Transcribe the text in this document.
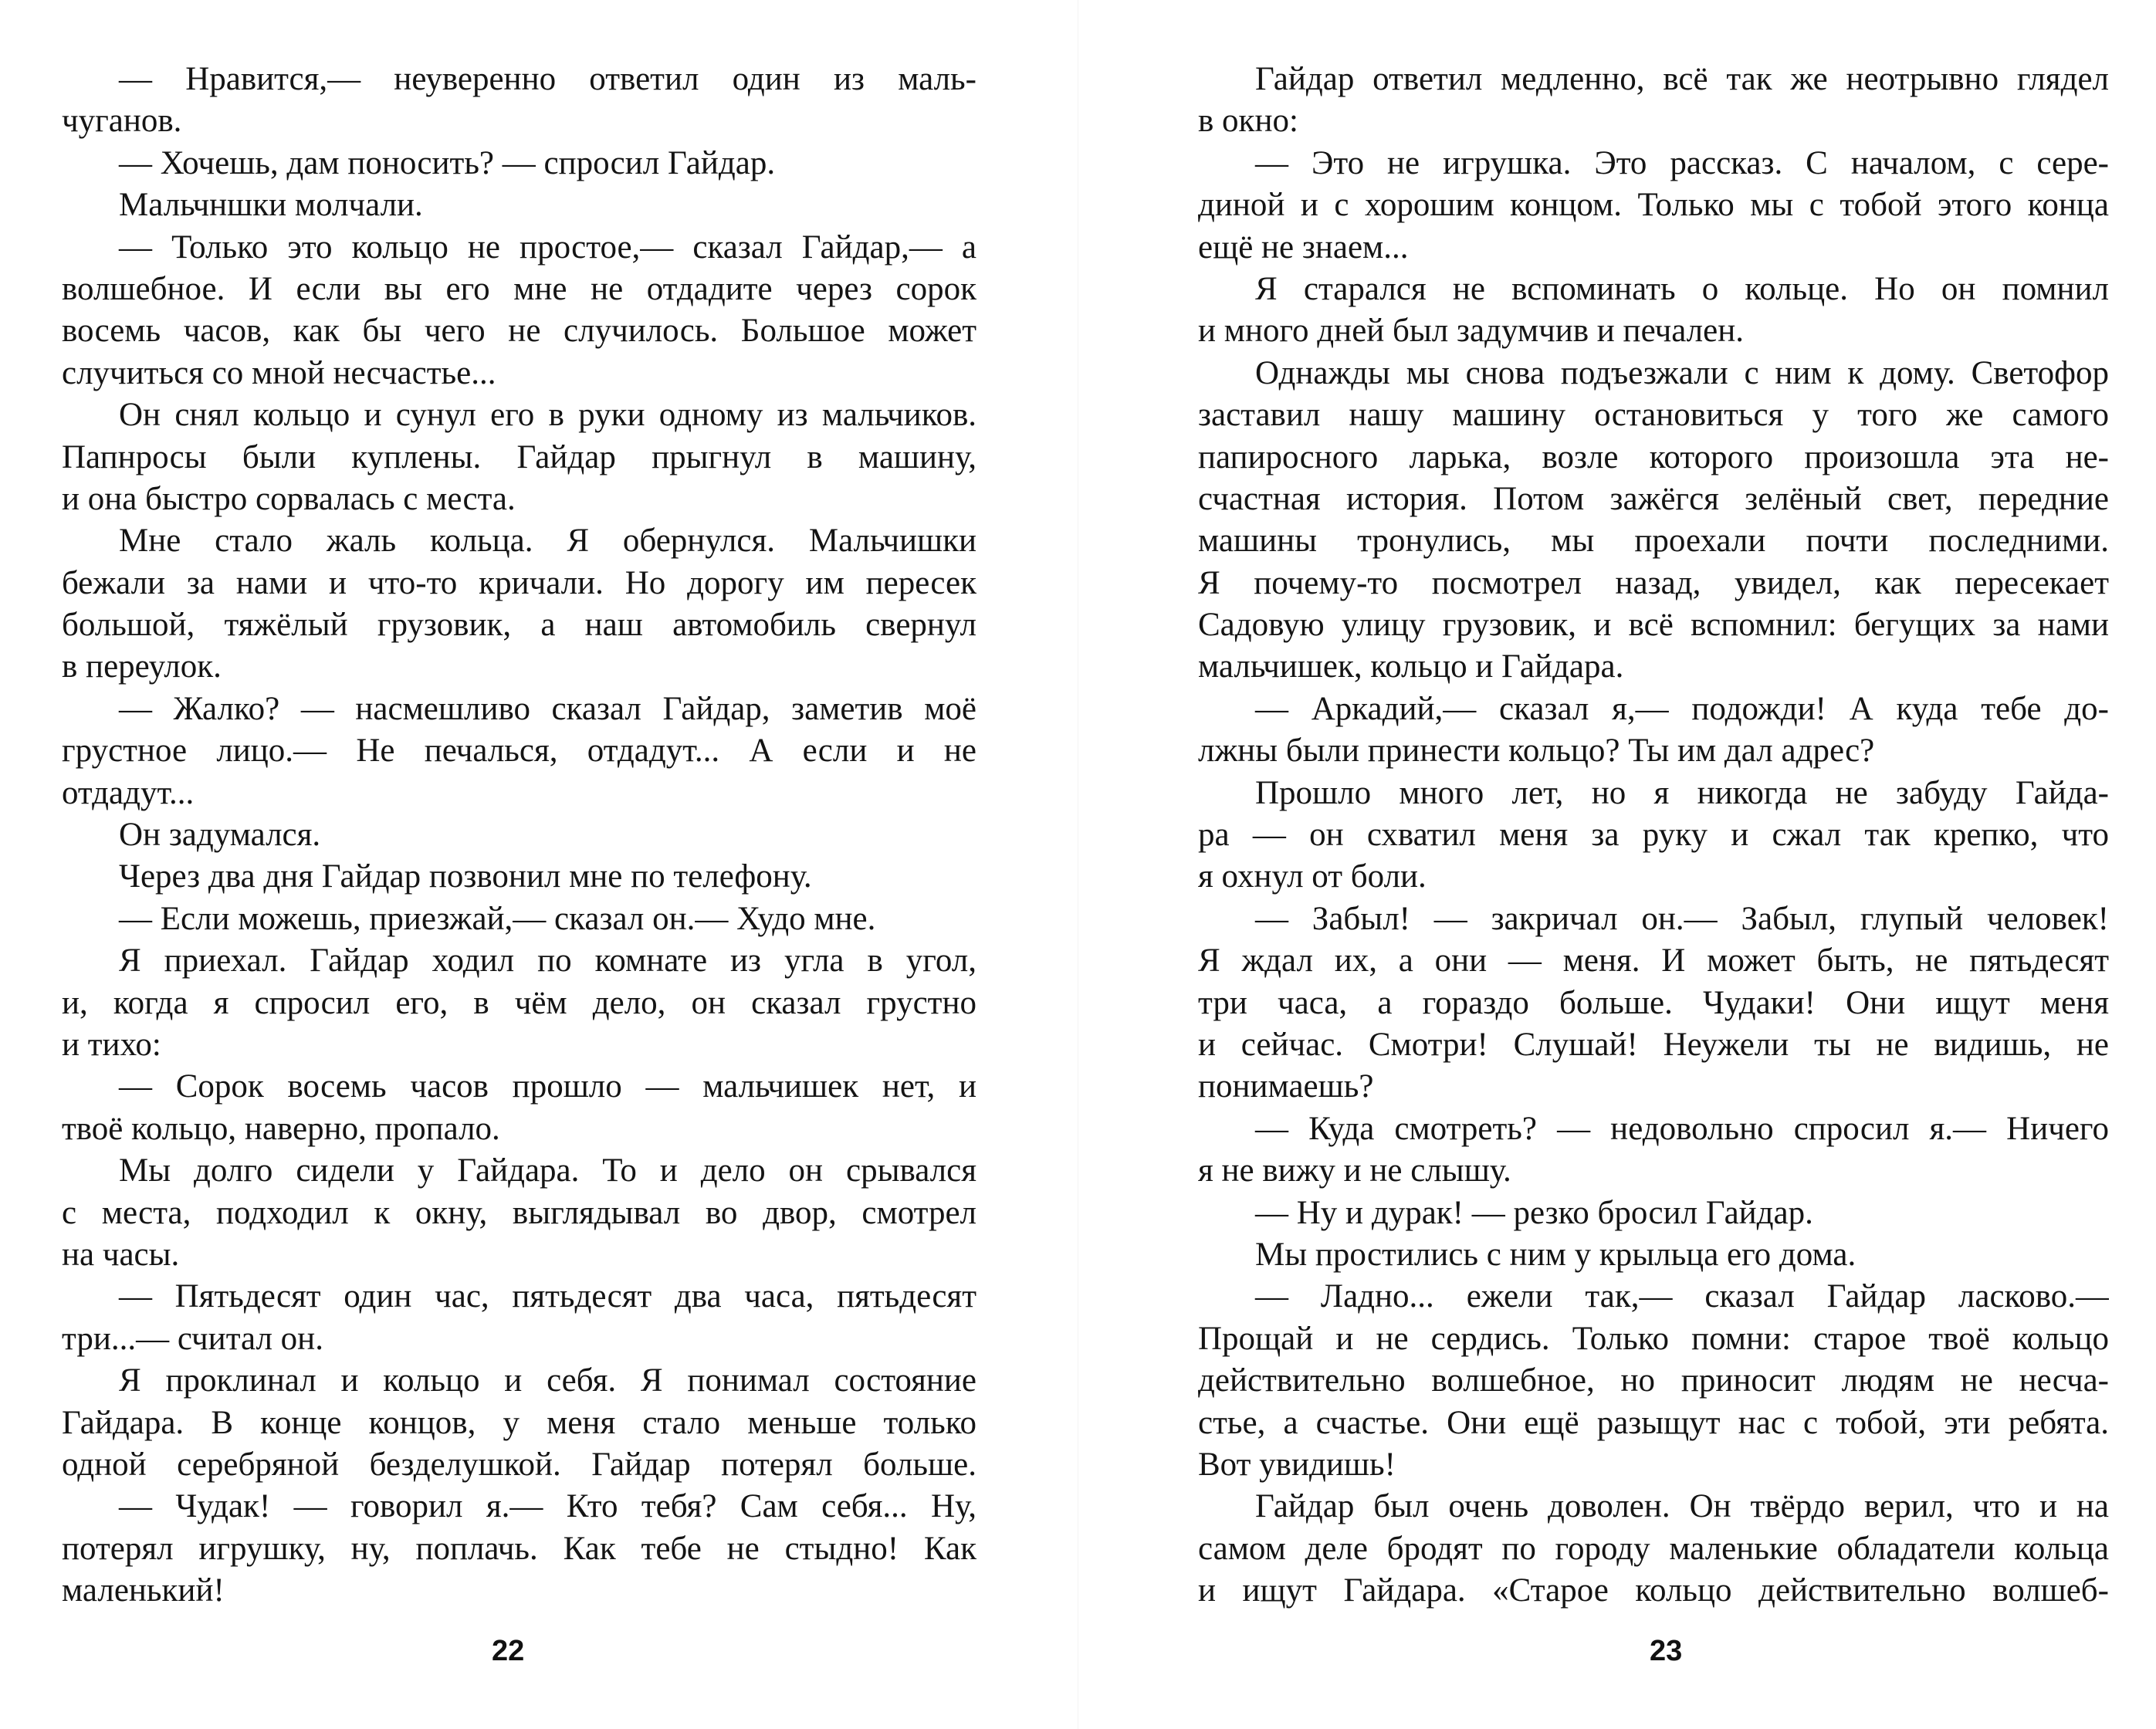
— Нравится,— неуверенно ответил один из маль-
чуганов.
— Хочешь, дам поносить? — спросил Гайдар.
Мальчншки молчали.
— Только это кольцо не простое,— сказал Гайдар,— а
волшебное. И если вы его мне не отдадите через сорок
восемь часов, как бы чего не случилось. Большое может
случиться со мной несчастье...
Он снял кольцо и сунул его в руки одному из мальчиков.
Папнросы были куплены. Гайдар прыгнул в машину,
и она быстро сорвалась с места.
Мне стало жаль кольца. Я обернулся. Мальчишки
бежали за нами и что-то кричали. Но дорогу им пересек
большой, тяжёлый грузовик, а наш автомобиль свернул
в переулок.
— Жалко? — насмешливо сказал Гайдар, заметив моё
грустное лицо.— Не печалься, отдадут... А если и не
отдадут...
Он задумался.
Через два дня Гайдар позвонил мне по телефону.
— Если можешь, приезжай,— сказал он.— Худо мне.
Я приехал. Гайдар ходил по комнате из угла в угол,
и, когда я спросил его, в чём дело, он сказал грустно
и тихо:
— Сорок восемь часов прошло — мальчишек нет, и
твоё кольцо, наверно, пропало.
Мы долго сидели у Гайдара. То и дело он срывался
с места, подходил к окну, выглядывал во двор, смотрел
на часы.
— Пятьдесят один час, пятьдесят два часа, пятьдесят
три...— считал он.
Я проклинал и кольцо и себя. Я понимал состояние
Гайдара. В конце концов, у меня стало меньше только
одной серебряной безделушкой. Гайдар потерял больше.
— Чудак! — говорил я.— Кто тебя? Сам себя... Ну,
потерял игрушку, ну, поплачь. Как тебе не стыдно! Как
маленький!
22
Гайдар ответил медленно, всё так же неотрывно глядел
в окно:
— Это не игрушка. Это рассказ. С началом, с сере-
диной и с хорошим концом. Только мы с тобой этого конца
ещё не знаем...
Я старался не вспоминать о кольце. Но он помнил
и много дней был задумчив и печален.
Однажды мы снова подъезжали с ним к дому. Светофор
заставил нашу машину остановиться у того же самого
папиросного ларька, возле которого произошла эта не-
счастная история. Потом зажёгся зелёный свет, передние
машины тронулись, мы проехали почти последними.
Я почему-то посмотрел назад, увидел, как пересекает
Садовую улицу грузовик, и всё вспомнил: бегущих за нами
мальчишек, кольцо и Гайдара.
— Аркадий,— сказал я,— подожди! А куда тебе до-
лжны были принести кольцо? Ты им дал адрес?
Прошло много лет, но я никогда не забуду Гайда-
ра — он схватил меня за руку и сжал так крепко, что
я охнул от боли.
— Забыл! — закричал он.— Забыл, глупый человек!
Я ждал их, а они — меня. И может быть, не пятьдесят
три часа, а гораздо больше. Чудаки! Они ищут меня
и сейчас. Смотри! Слушай! Неужели ты не видишь, не
понимаешь?
— Куда смотреть? — недовольно спросил я.— Ничего
я не вижу и не слышу.
— Ну и дурак! — резко бросил Гайдар.
Мы простились с ним у крыльца его дома.
— Ладно... ежели так,— сказал Гайдар ласково.—
Прощай и не сердись. Только помни: старое твоё кольцо
действительно волшебное, но приносит людям не несча-
стье, а счастье. Они ещё разыщут нас с тобой, эти ребята.
Вот увидишь!
Гайдар был очень доволен. Он твёрдо верил, что и на
самом деле бродят по городу маленькие обладатели кольца
и ищут Гайдара. «Старое кольцо действительно волшеб-
23
